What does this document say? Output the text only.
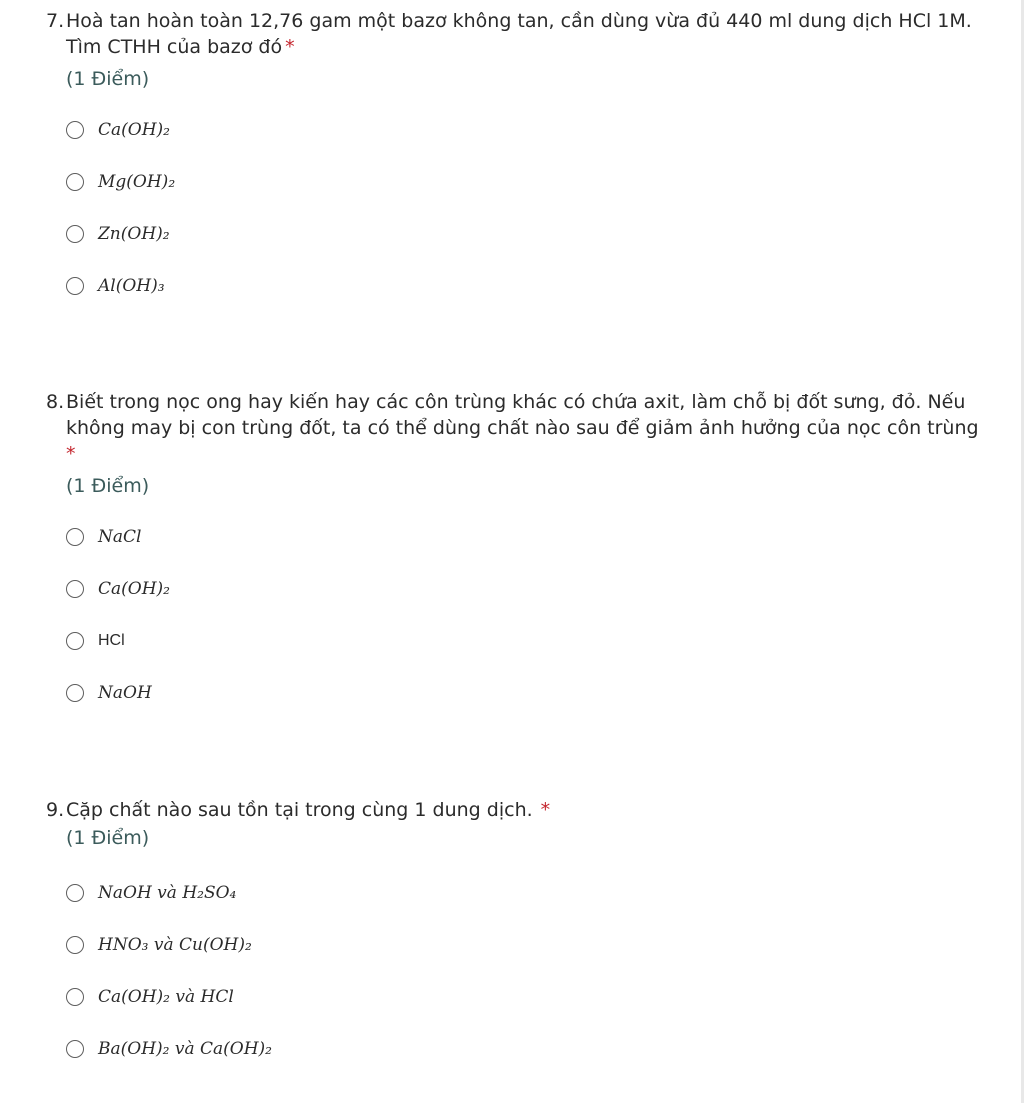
7. Hoà tan hoàn toàn 12,76 gam một bazơ không tan, cần dùng vừa đủ 440 ml dung dịch HCl 1M.
Tìm CTHH của bazơ đó *
(1 Điểm)
Ca(OH)₂
Mg(OH)₂
Zn(OH)₂
Al(OH)₃
8. Biết trong nọc ong hay kiến hay các côn trùng khác có chứa axit, làm chỗ bị đốt sưng, đỏ. Nếu
không may bị con trùng đốt, ta có thể dùng chất nào sau để giảm ảnh hưởng của nọc côn trùng
*
(1 Điểm)
NaCl
Ca(OH)₂
HCl
NaOH
9. Cặp chất nào sau tồn tại trong cùng 1 dung dịch. *
(1 Điểm)
NaOH và H₂SO₄
HNO₃ và Cu(OH)₂
Ca(OH)₂ và HCl
Ba(OH)₂ và Ca(OH)₂
